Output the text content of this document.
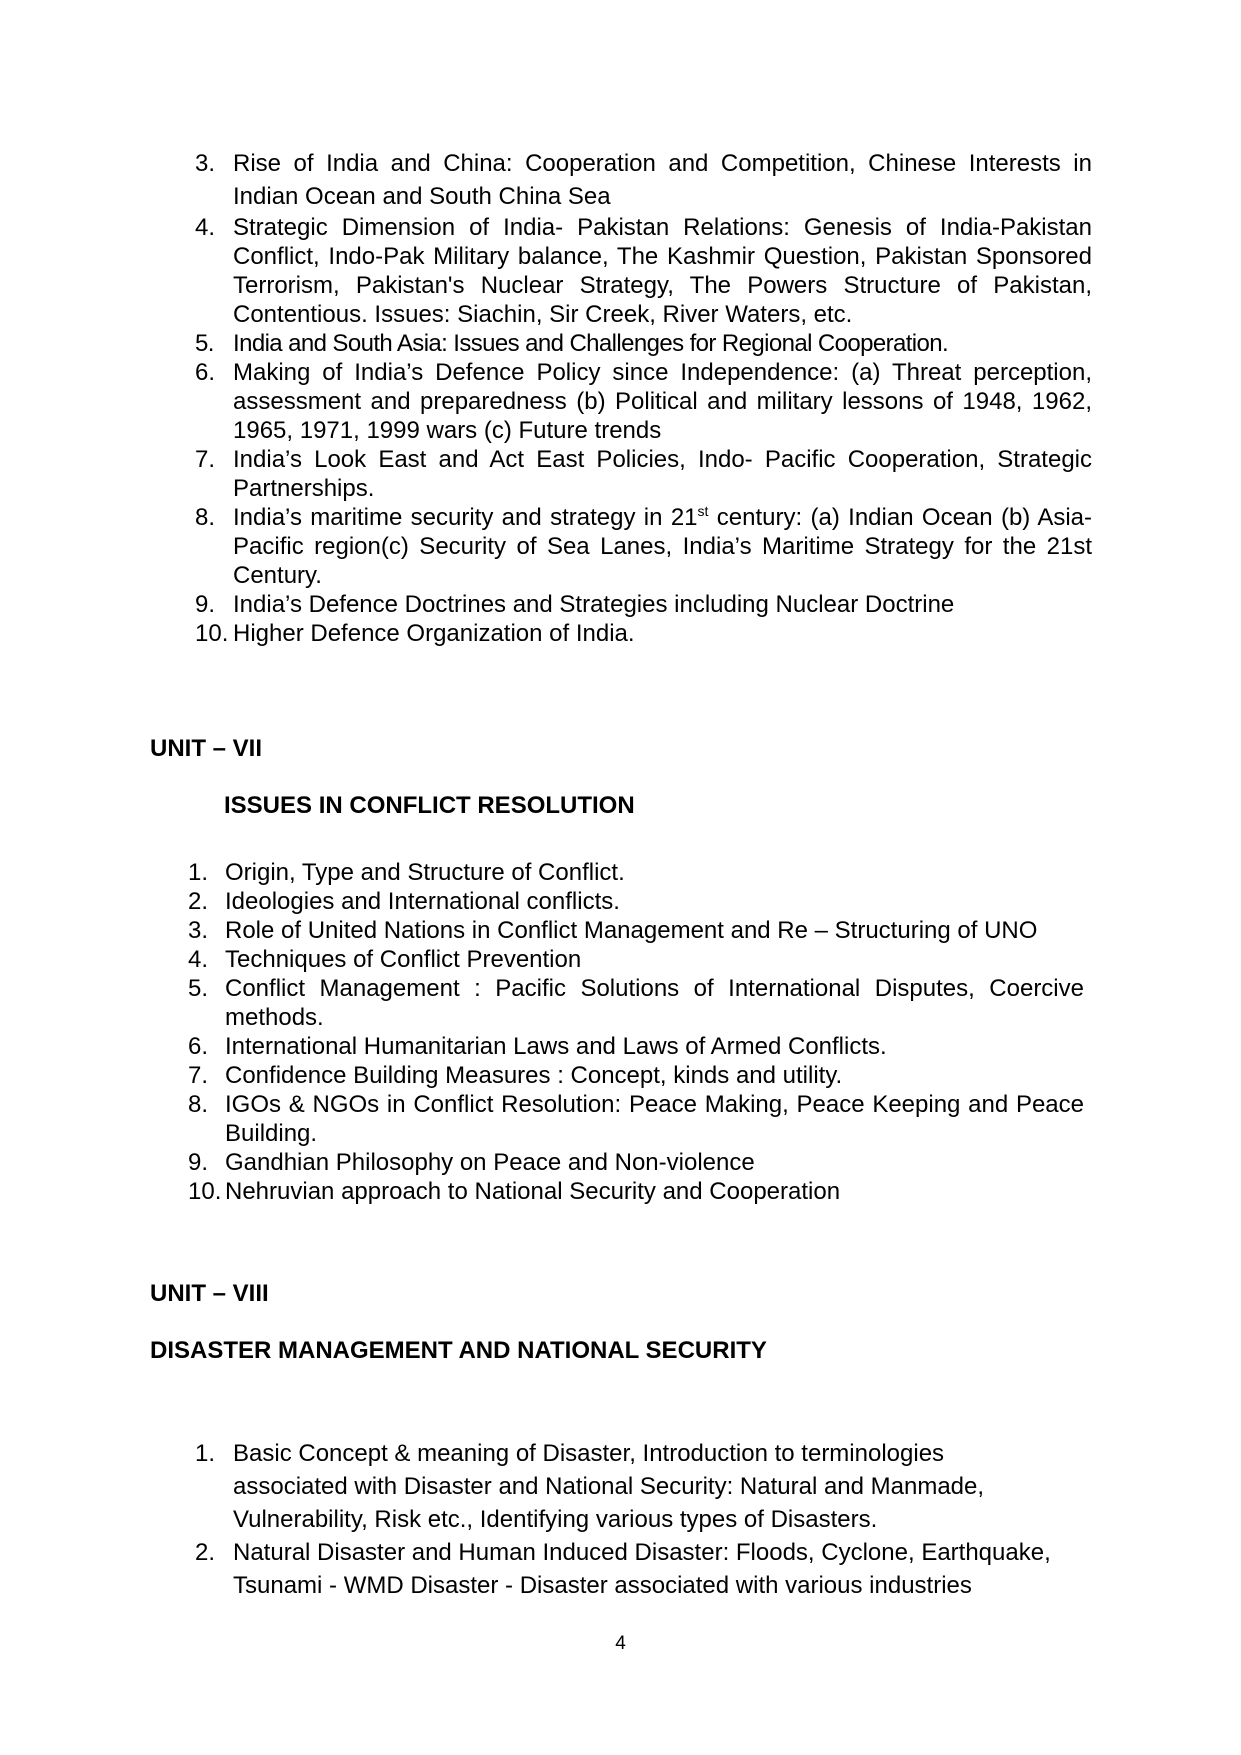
3. Rise of India and China: Cooperation and Competition, Chinese Interests in Indian Ocean and South China Sea
4. Strategic Dimension of India- Pakistan Relations: Genesis of India-Pakistan Conflict, Indo-Pak Military balance, The Kashmir Question, Pakistan Sponsored Terrorism, Pakistan's Nuclear Strategy, The Powers Structure of Pakistan, Contentious. Issues: Siachin, Sir Creek, River Waters, etc.
5. India and South Asia: Issues and Challenges for Regional Cooperation.
6. Making of India’s Defence Policy since Independence: (a) Threat perception, assessment and preparedness (b) Political and military lessons of 1948, 1962, 1965, 1971, 1999 wars (c) Future trends
7. India’s Look East and Act East Policies, Indo- Pacific Cooperation, Strategic Partnerships.
8. India’s maritime security and strategy in 21st century: (a) Indian Ocean (b) Asia-Pacific region(c) Security of Sea Lanes, India’s Maritime Strategy for the 21st Century.
9. India’s Defence Doctrines and Strategies including Nuclear Doctrine
10. Higher Defence Organization of India.
UNIT – VII
ISSUES IN CONFLICT RESOLUTION
1. Origin, Type and Structure of Conflict.
2. Ideologies and International conflicts.
3. Role of United Nations in Conflict Management and Re – Structuring of UNO
4. Techniques of Conflict Prevention
5. Conflict Management : Pacific Solutions of International Disputes, Coercive methods.
6. International Humanitarian Laws and Laws of Armed Conflicts.
7. Confidence Building Measures : Concept, kinds and utility.
8. IGOs & NGOs in Conflict Resolution: Peace Making, Peace Keeping and Peace Building.
9. Gandhian Philosophy on Peace and Non-violence
10. Nehruvian approach to National Security and Cooperation
UNIT – VIII
DISASTER MANAGEMENT AND NATIONAL SECURITY
1. Basic Concept & meaning of Disaster, Introduction to terminologies associated with Disaster and National Security: Natural and Manmade, Vulnerability, Risk etc., Identifying various types of Disasters.
2. Natural Disaster and Human Induced Disaster: Floods, Cyclone, Earthquake, Tsunami - WMD Disaster - Disaster associated with various industries
4
